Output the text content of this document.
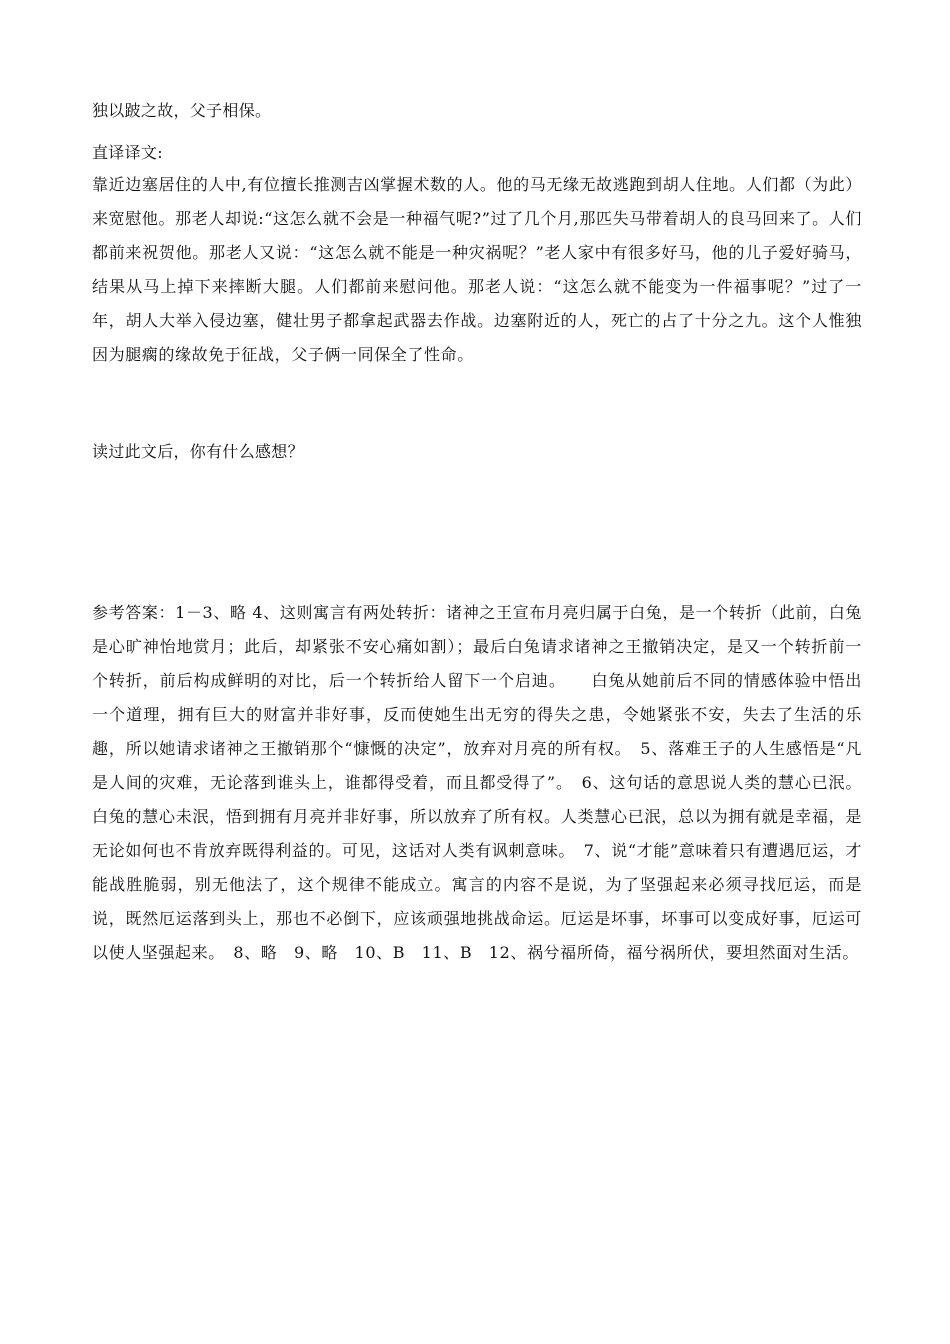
独以跛之故，父子相保。
直译译文:
靠近边塞居住的人中,有位擅长推测吉凶掌握术数的人。他的马无缘无故逃跑到胡人住地。人们都（为此）来宽慰他。那老人却说:“这怎么就不会是一种福气呢?”过了几个月,那匹失马带着胡人的良马回来了。人们都前来祝贺他。那老人又说：“这怎么就不能是一种灾祸呢？”老人家中有很多好马，他的儿子爱好骑马，结果从马上掉下来摔断大腿。人们都前来慰问他。那老人说：“这怎么就不能变为一件福事呢？”过了一年，胡人大举入侵边塞，健壮男子都拿起武器去作战。边塞附近的人，死亡的占了十分之九。这个人惟独因为腿瘸的缘故免于征战，父子俩一同保全了性命。
读过此文后，你有什么感想？
参考答案：1－3、略 4、这则寓言有两处转折：诸神之王宣布月亮归属于白兔，是一个转折（此前，白兔是心旷神怡地赏月；此后，却紧张不安心痛如割）；最后白兔请求诸神之王撤销决定，是又一个转折前一个转折，前后构成鲜明的对比，后一个转折给人留下一个启迪。　　白兔从她前后不同的情感体验中悟出一个道理，拥有巨大的财富并非好事，反而使她生出无穷的得失之患，令她紧张不安，失去了生活的乐趣，所以她请求诸神之王撤销那个“慷慨的决定”，放弃对月亮的所有权。　5、落难王子的人生感悟是“凡是人间的灾难，无论落到谁头上，谁都得受着，而且都受得了”。　6、这句话的意思说人类的慧心已泯。白兔的慧心未泯，悟到拥有月亮并非好事，所以放弃了所有权。人类慧心已泯，总以为拥有就是幸福，是无论如何也不肯放弃既得利益的。可见，这话对人类有讽刺意味。　7、说“才能”意味着只有遭遇厄运，才能战胜脆弱，别无他法了，这个规律不能成立。寓言的内容不是说，为了坚强起来必须寻找厄运，而是说，既然厄运落到头上，那也不必倒下，应该顽强地挑战命运。厄运是坏事，坏事可以变成好事，厄运可以使人坚强起来。　8、略　9、略　10、B　11、B　12、祸兮福所倚，福兮祸所伏，要坦然面对生活。
